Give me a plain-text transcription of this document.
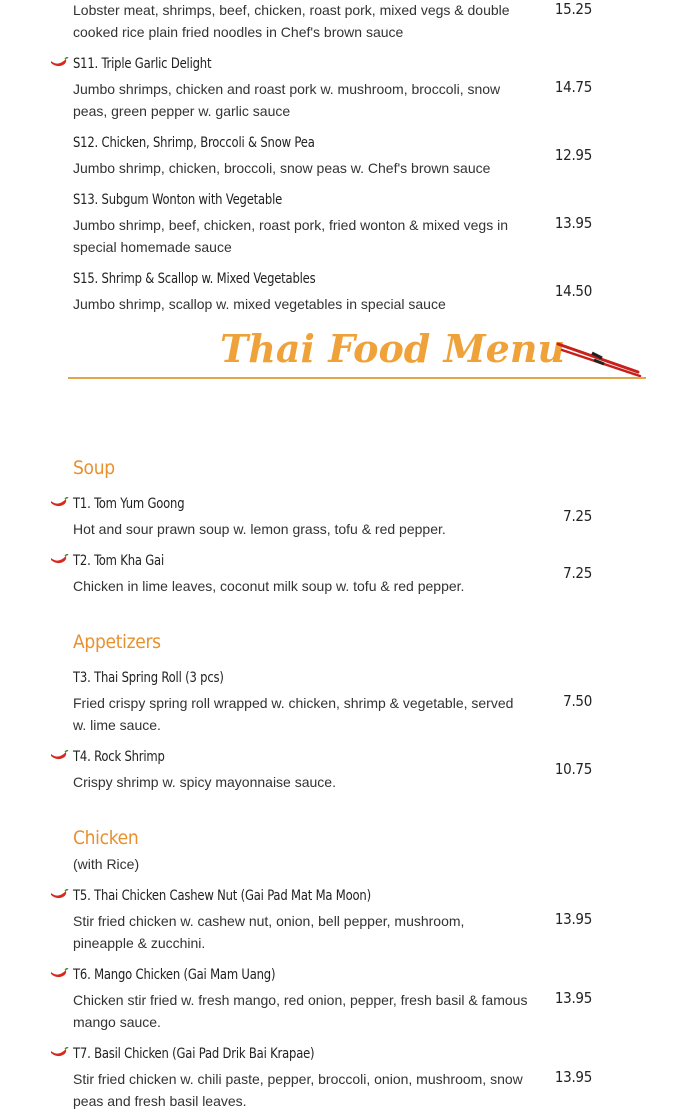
Lobster meat, shrimps, beef, chicken, roast pork, mixed vegs & double cooked rice plain fried noodles in Chef's brown sauce
15.25
S11. Triple Garlic Delight
Jumbo shrimps, chicken and roast pork w. mushroom, broccoli, snow peas, green pepper w. garlic sauce
14.75
S12. Chicken, Shrimp, Broccoli & Snow Pea
Jumbo shrimp, chicken, broccoli, snow peas w. Chef's brown sauce
12.95
S13. Subgum Wonton with Vegetable
Jumbo shrimp, beef, chicken, roast pork, fried wonton & mixed vegs in special homemade sauce
13.95
S15. Shrimp & Scallop w. Mixed Vegetables
Jumbo shrimp, scallop w. mixed vegetables in special sauce
14.50
Thai Food Menu
Soup
T1. Tom Yum Goong
Hot and sour prawn soup w. lemon grass, tofu & red pepper.
7.25
T2. Tom Kha Gai
Chicken in lime leaves, coconut milk soup w. tofu & red pepper.
7.25
Appetizers
T3. Thai Spring Roll (3 pcs)
Fried crispy spring roll wrapped w. chicken, shrimp & vegetable, served w. lime sauce.
7.50
T4. Rock Shrimp
Crispy shrimp w. spicy mayonnaise sauce.
10.75
Chicken
(with Rice)
T5. Thai Chicken Cashew Nut (Gai Pad Mat Ma Moon)
Stir fried chicken w. cashew nut, onion, bell pepper, mushroom, pineapple & zucchini.
13.95
T6. Mango Chicken (Gai Mam Uang)
Chicken stir fried w. fresh mango, red onion, pepper, fresh basil & famous mango sauce.
13.95
T7. Basil Chicken (Gai Pad Drik Bai Krapae)
Stir fried chicken w. chili paste, pepper, broccoli, onion, mushroom, snow peas and fresh basil leaves.
13.95
